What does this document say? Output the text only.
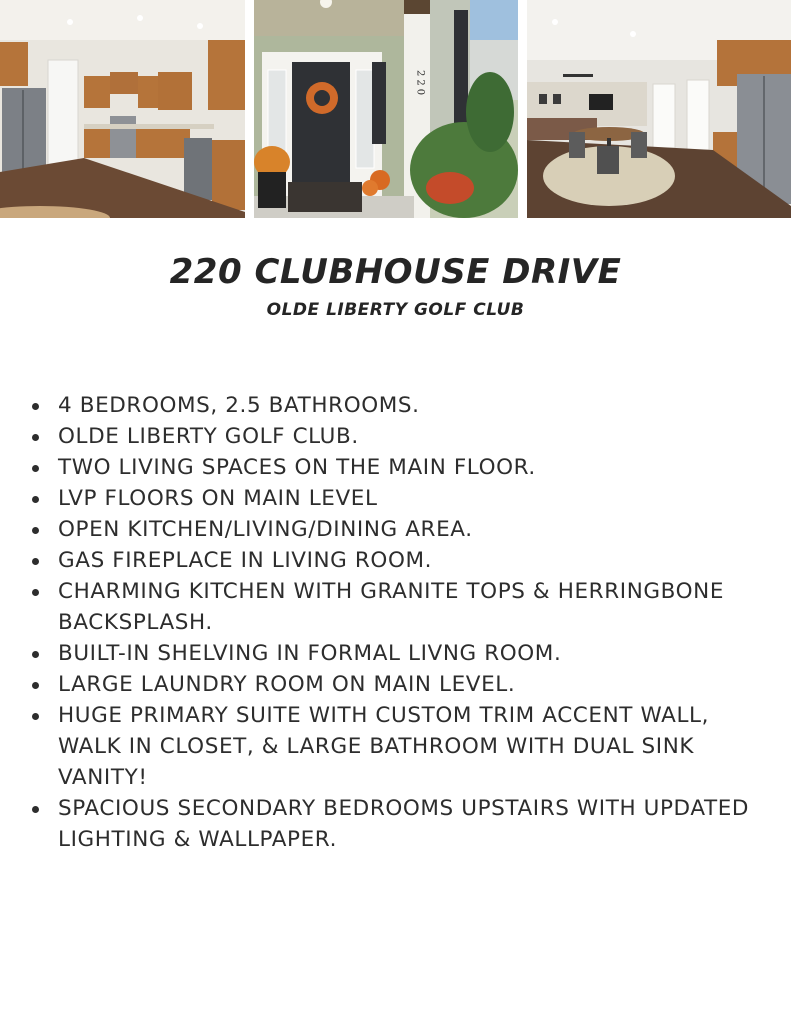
220
220 CLUBHOUSE DRIVE
OLDE LIBERTY GOLF CLUB
4 BEDROOMS, 2.5 BATHROOMS.
OLDE LIBERTY GOLF CLUB.
TWO LIVING SPACES ON THE MAIN FLOOR.
LVP FLOORS ON MAIN LEVEL
OPEN KITCHEN/LIVING/DINING AREA.
GAS FIREPLACE IN LIVING ROOM.
CHARMING KITCHEN WITH GRANITE TOPS & HERRINGBONE BACKSPLASH.
BUILT-IN SHELVING IN FORMAL LIVNG ROOM.
LARGE LAUNDRY ROOM ON MAIN LEVEL.
HUGE PRIMARY SUITE WITH CUSTOM TRIM ACCENT WALL, WALK IN CLOSET, & LARGE BATHROOM WITH DUAL SINK VANITY!
SPACIOUS SECONDARY BEDROOMS UPSTAIRS WITH UPDATED LIGHTING & WALLPAPER.
